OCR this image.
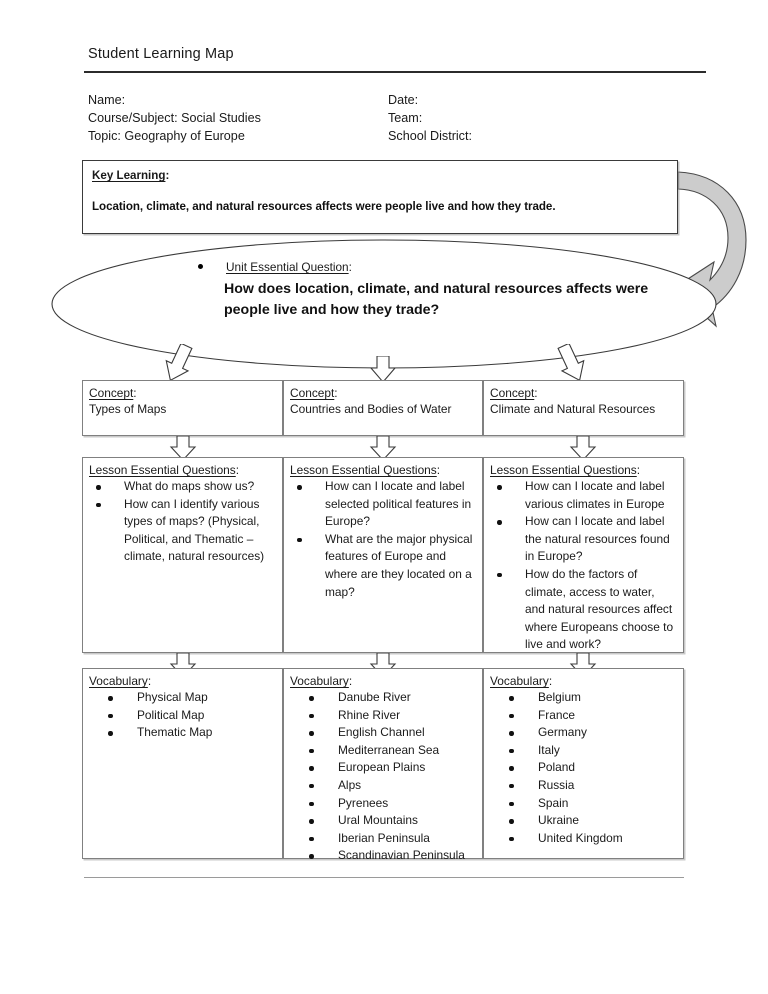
Student Learning Map
Name:	Date:
Course/Subject: Social Studies	Team:
Topic: Geography of Europe	School District:
Unit Essential Question:
How does location, climate, and natural resources affects were people live and how they trade?
Concept:
Types of Maps
Concept:
Countries and Bodies of Water
Concept:
Climate and Natural Resources
Lesson Essential Questions:
What do maps show us?
How can I identify various types of maps? (Physical, Political, and Thematic – climate, natural resources)
Lesson Essential Questions:
How can I locate and label selected political features in Europe?
What are the major physical features of Europe and where are they located on a map?
Lesson Essential Questions:
How can I locate and label various climates in Europe
How can I locate and label the natural resources found in Europe?
How do the factors of climate, access to water, and natural resources affect where Europeans choose to live and work?
Vocabulary:
Physical Map
Political Map
Thematic Map
Vocabulary:
Danube River
Rhine River
English Channel
Mediterranean Sea
European Plains
Alps
Pyrenees
Ural Mountains
Iberian Peninsula
Scandinavian Peninsula
Vocabulary:
Belgium
France
Germany
Italy
Poland
Russia
Spain
Ukraine
United Kingdom
Key Learning:
Location, climate, and natural resources affects were people live and how they trade.
